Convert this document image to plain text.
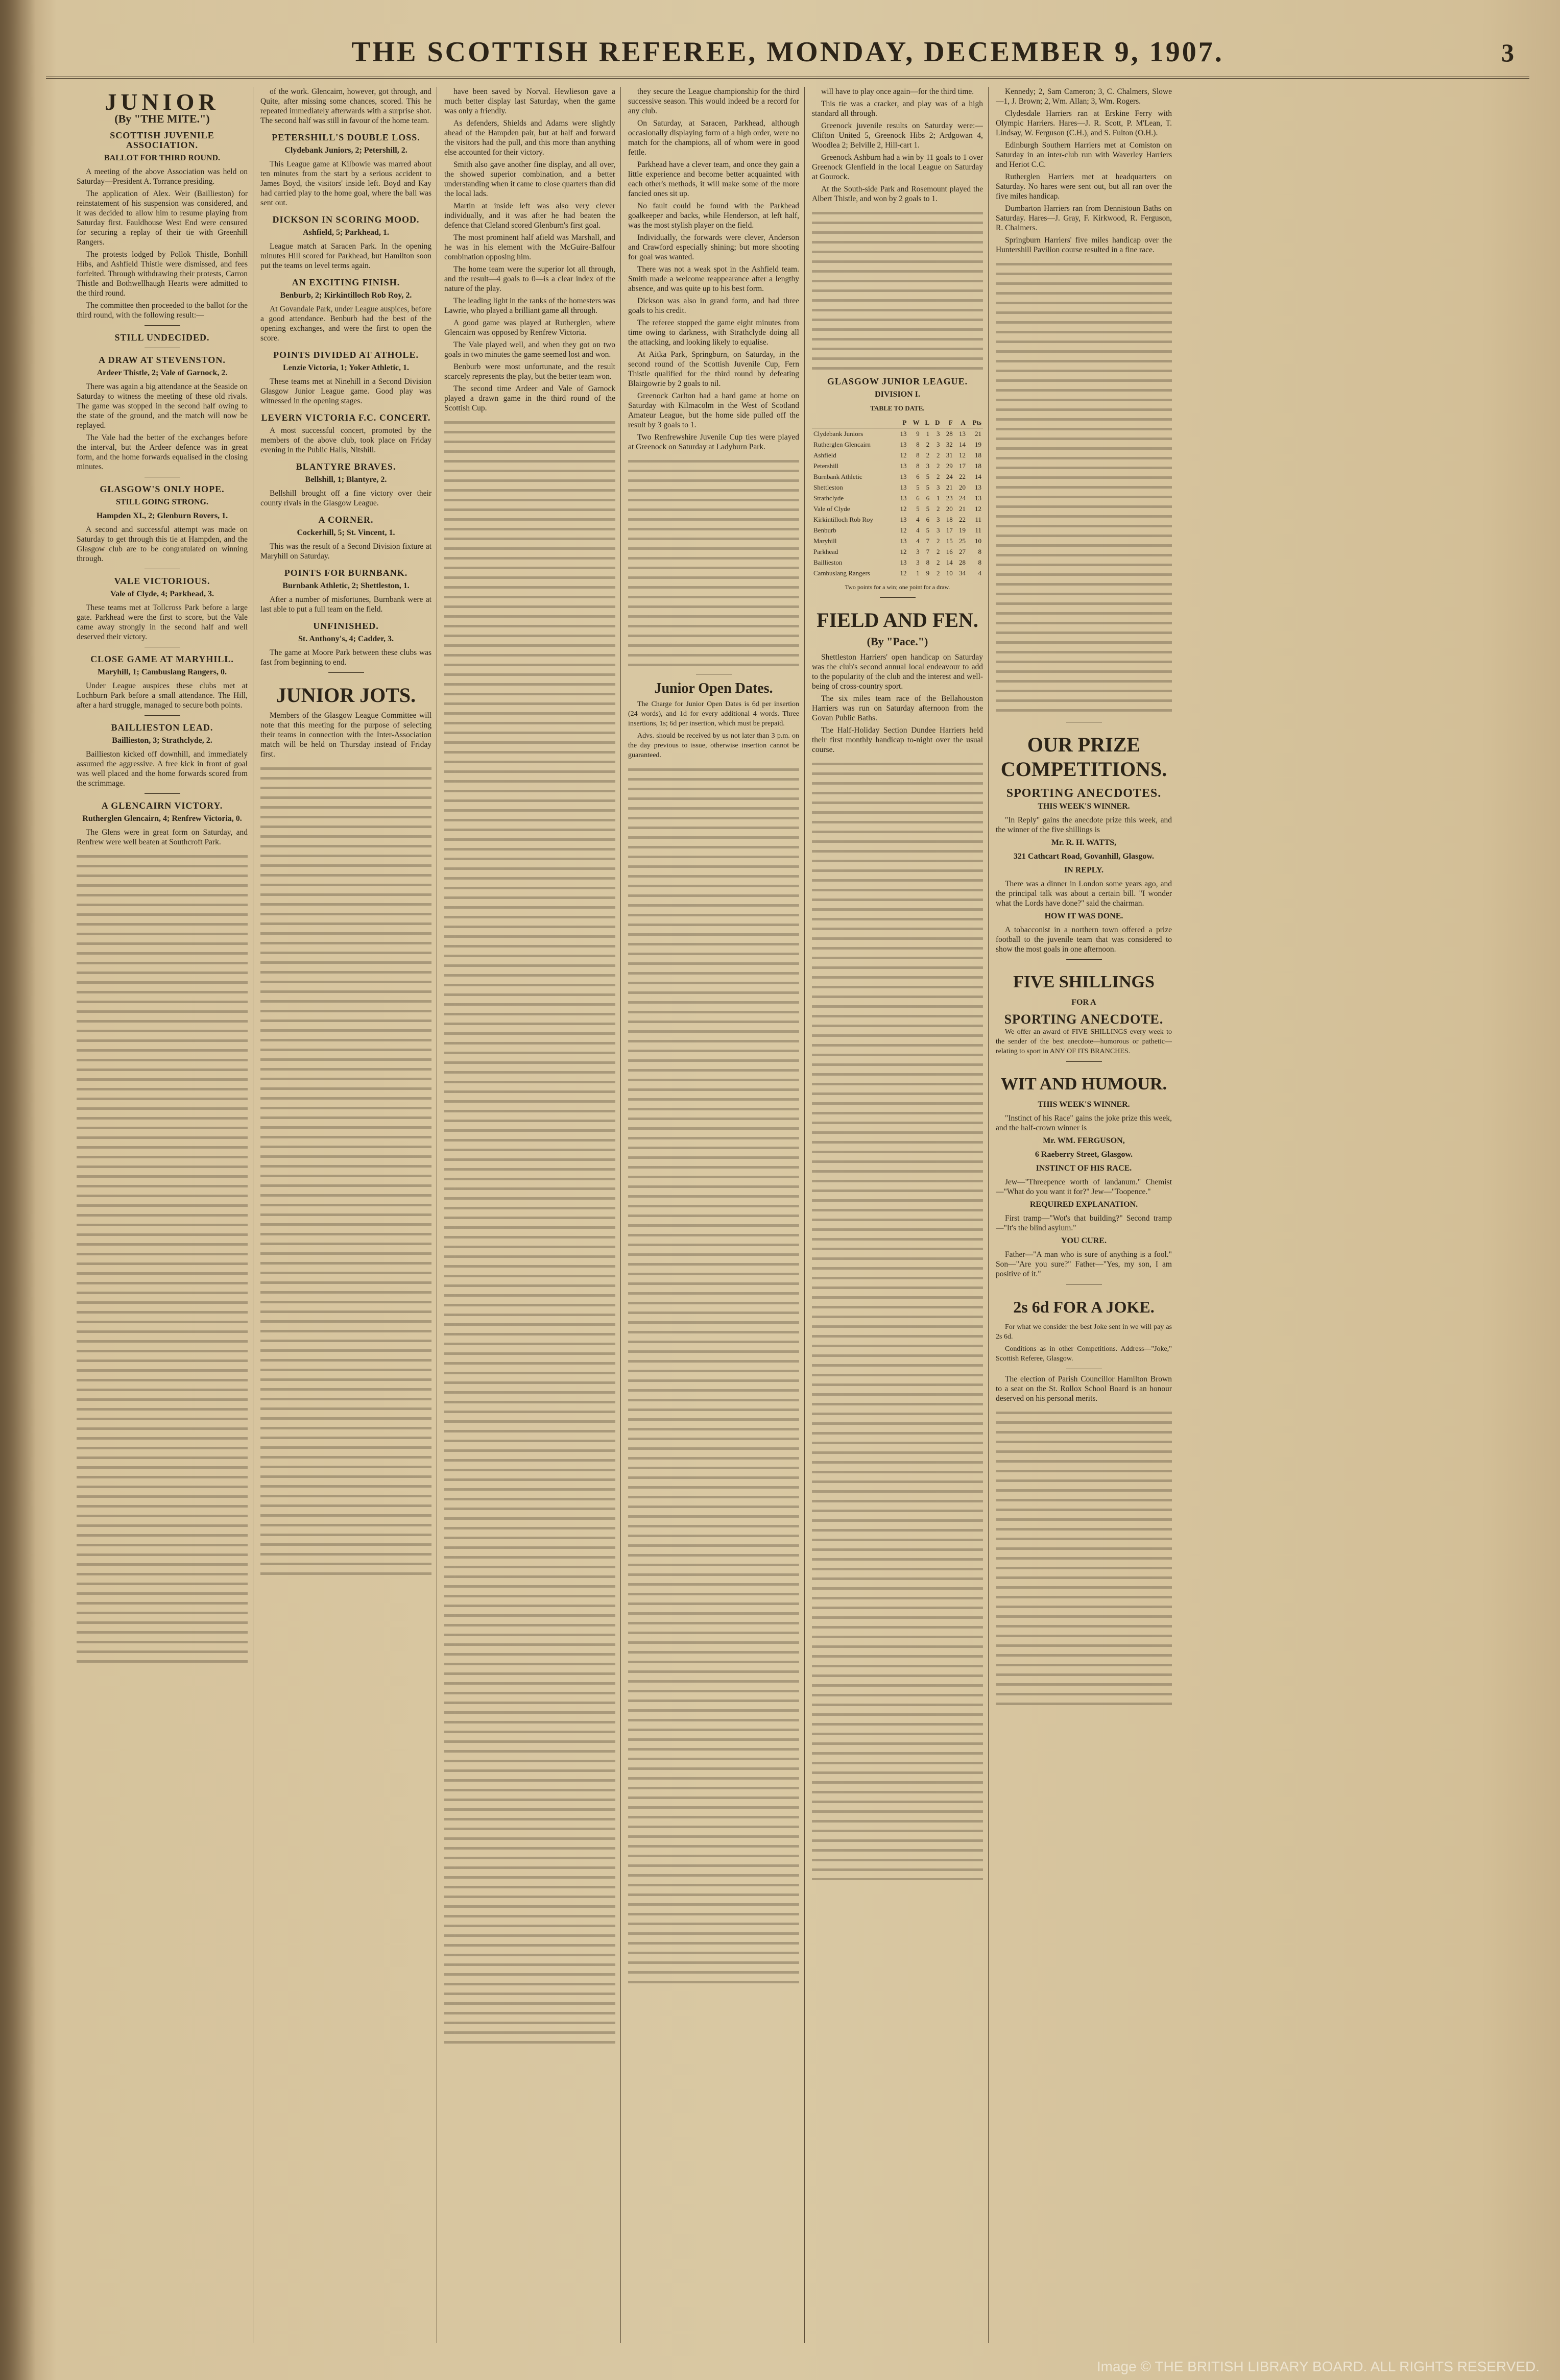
THE SCOTTISH REFEREE, MONDAY, DECEMBER 9, 1907.	3
JUNIOR
(By "THE MITE.")
SCOTTISH JUVENILE ASSOCIATION.
BALLOT FOR THIRD ROUND.

A meeting of the above Association was held on Saturday—President A. Torrance presiding.

The application of Alex. Weir (Baillieston) for reinstatement of his suspension was considered, and it was decided to allow him to resume playing from Saturday first. Fauldhouse West End were censured for securing a replay of their tie with Greenhill Rangers.

The protests lodged by Pollok Thistle, Bonhill Hibs, and Ashfield Thistle were dismissed, and fees forfeited. Through withdrawing their protests, Carron Thistle and Bothwellhaugh Hearts were admitted to the third round.

The committee then proceeded to the ballot for the third round, with the following result:—

STILL UNDECIDED.
A DRAW AT STEVENSTON.
Ardeer Thistle, 2; Vale of Garnock, 2.

There was again a big attendance at the Seaside on Saturday to witness the meeting of these old rivals. The game was stopped in the second half owing to the state of the ground, and the match will now be replayed.

The Vale had the better of the exchanges before the interval, but the Ardeer defence was in great form, and the home forwards equalised in the closing minutes.

GLASGOW'S ONLY HOPE.
STILL GOING STRONG.
Hampden XI., 2; Glenburn Rovers, 1.

A second and successful attempt was made on Saturday to get through this tie at Hampden, and the Glasgow club are to be congratulated on winning through.

VALE VICTORIOUS.
Vale of Clyde, 4; Parkhead, 3.

These teams met at Tollcross Park before a large gate. Parkhead were the first to score, but the Vale came away strongly in the second half and well deserved their victory.

CLOSE GAME AT MARYHILL.
Maryhill, 1; Cambuslang Rangers, 0.

Under League auspices these clubs met at Lochburn Park before a small attendance. The Hill, after a hard struggle, managed to secure both points.

BAILLIESTON LEAD.
Baillieston, 3; Strathclyde, 2.

Baillieston kicked off downhill, and immediately assumed the aggressive. A free kick in front of goal was well placed and the home forwards scored from the scrimmage.

A GLENCAIRN VICTORY.
Rutherglen Glencairn, 4; Renfrew Victoria, 0.

The Glens were in great form on Saturday, and Renfrew were well beaten at Southcroft Park.

of the work. Glencairn, however, got through, and Quite, after missing some chances, scored. This he repeated immediately afterwards with a surprise shot. The second half was still in favour of the home team.

PETERSHILL'S DOUBLE LOSS.
Clydebank Juniors, 2; Petershill, 2.

This League game at Kilbowie was marred about ten minutes from the start by a serious accident to James Boyd, the visitors' inside left. Boyd and Kay had carried play to the home goal, where the ball was sent out.

DICKSON IN SCORING MOOD.
Ashfield, 5; Parkhead, 1.

League match at Saracen Park. In the opening minutes Hill scored for Parkhead, but Hamilton soon put the teams on level terms again.

AN EXCITING FINISH.
Benburb, 2; Kirkintilloch Rob Roy, 2.

At Govandale Park, under League auspices, before a good attendance. Benburb had the best of the opening exchanges, and were the first to open the score.

POINTS DIVIDED AT ATHOLE.
Lenzie Victoria, 1; Yoker Athletic, 1.

These teams met at Ninehill in a Second Division Glasgow Junior League game. Good play was witnessed in the opening stages.

LEVERN VICTORIA F.C. CONCERT.

A most successful concert, promoted by the members of the above club, took place on Friday evening in the Public Halls, Nitshill.

BLANTYRE BRAVES.
Bellshill, 1; Blantyre, 2.

Bellshill brought off a fine victory over their county rivals in the Glasgow League.

A CORNER.
Cockerhill, 5; St. Vincent, 1.

This was the result of a Second Division fixture at Maryhill on Saturday.

POINTS FOR BURNBANK.
Burnbank Athletic, 2; Shettleston, 1.

After a number of misfortunes, Burnbank were at last able to put a full team on the field.

UNFINISHED.
St. Anthony's, 4; Cadder, 3.

The game at Moore Park between these clubs was fast from beginning to end.

JUNIOR JOTS.

Members of the Glasgow League Committee will note that this meeting for the purpose of selecting their teams in connection with the Inter-Association match will be held on Thursday instead of Friday first.

have been saved by Norval. Hewlieson gave a much better display last Saturday, when the game was only a friendly.

As defenders, Shields and Adams were slightly ahead of the Hampden pair, but at half and forward the visitors had the pull, and this more than anything else accounted for their victory.

Smith also gave another fine display, and all over, the showed superior combination, and a better understanding when it came to close quarters than did the local lads.

Martin at inside left was also very clever individually, and it was after he had beaten the defence that Cleland scored Glenburn's first goal.

The most prominent half afield was Marshall, and he was in his element with the McGuire-Balfour combination opposing him.

The home team were the superior lot all through, and the result—4 goals to 0—is a clear index of the nature of the play.

The leading light in the ranks of the homesters was Lawrie, who played a brilliant game all through.

A good game was played at Rutherglen, where Glencairn was opposed by Renfrew Victoria.

The Vale played well, and when they got on two goals in two minutes the game seemed lost and won.

Benburb were most unfortunate, and the result scarcely represents the play, but the better team won.

The second time Ardeer and Vale of Garnock played a drawn game in the third round of the Scottish Cup.

they secure the League championship for the third successive season. This would indeed be a record for any club.

On Saturday, at Saracen, Parkhead, although occasionally displaying form of a high order, were no match for the champions, all of whom were in good fettle.

Parkhead have a clever team, and once they gain a little experience and become better acquainted with each other's methods, it will make some of the more fancied ones sit up.

No fault could be found with the Parkhead goalkeeper and backs, while Henderson, at left half, was the most stylish player on the field.

Individually, the forwards were clever, Anderson and Crawford especially shining; but more shooting for goal was wanted.

There was not a weak spot in the Ashfield team. Smith made a welcome reappearance after a lengthy absence, and was quite up to his best form.

Dickson was also in grand form, and had three goals to his credit.

The referee stopped the game eight minutes from time owing to darkness, with Strathclyde doing all the attacking, and looking likely to equalise.

At Aitka Park, Springburn, on Saturday, in the second round of the Scottish Juvenile Cup, Fern Thistle qualified for the third round by defeating Blairgowrie by 2 goals to nil.

Greenock Carlton had a hard game at home on Saturday with Kilmacolm in the West of Scotland Amateur League, but the home side pulled off the result by 3 goals to 1.

Two Renfrewshire Juvenile Cup ties were played at Greenock on Saturday at Ladyburn Park.

Junior Open Dates.

The Charge for Junior Open Dates is 6d per insertion (24 words), and 1d for every additional 4 words. Three insertions, 1s; 6d per insertion, which must be prepaid.

Advs. should be received by us not later than 3 p.m. on the day previous to issue, otherwise insertion cannot be guaranteed.

will have to play once again—for the third time.

This tie was a cracker, and play was of a high standard all through.

Greenock juvenile results on Saturday were:—Clifton United 5, Greenock Hibs 2; Ardgowan 4, Woodlea 2; Belville 2, Hill-cart 1.

Greenock Ashburn had a win by 11 goals to 1 over Greenock Glenfield in the local League on Saturday at Gourock.

At the South-side Park and Rosemount played the Albert Thistle, and won by 2 goals to 1.

GLASGOW JUNIOR LEAGUE.
DIVISION I.
TABLE TO DATE.
	P	W	L	D	F	A	Pts
Clydebank Juniors	13	9	1	3	28	13	21
Rutherglen Glencairn	13	8	2	3	32	14	19
Ashfield	12	8	2	2	31	12	18
Petershill	13	8	3	2	29	17	18
Burnbank Athletic	13	6	5	2	24	22	14
Shettleston	13	5	5	3	21	20	13
Strathclyde	13	6	6	1	23	24	13
Vale of Clyde	12	5	5	2	20	21	12
Kirkintilloch Rob Roy	13	4	6	3	18	22	11
Benburb	12	4	5	3	17	19	11
Maryhill	13	4	7	2	15	25	10
Parkhead	12	3	7	2	16	27	8
Baillieston	13	3	8	2	14	28	8
Cambuslang Rangers	12	1	9	2	10	34	4

Two points for a win; one point for a draw.

FIELD AND FEN.
(By "Pace.")

Shettleston Harriers' open handicap on Saturday was the club's second annual local endeavour to add to the popularity of the club and the interest and well-being of cross-country sport.

The six miles team race of the Bellahouston Harriers was run on Saturday afternoon from the Govan Public Baths.

The Half-Holiday Section Dundee Harriers held their first monthly handicap to-night over the usual course.

Kennedy; 2, Sam Cameron; 3, C. Chalmers, Slowe—1, J. Brown; 2, Wm. Allan; 3, Wm. Rogers.

Clydesdale Harriers ran at Erskine Ferry with Olympic Harriers. Hares—J. R. Scott, P. M'Lean, T. Lindsay, W. Ferguson (C.H.), and S. Fulton (O.H.).

Edinburgh Southern Harriers met at Comiston on Saturday in an inter-club run with Waverley Harriers and Heriot C.C.

Rutherglen Harriers met at headquarters on Saturday. No hares were sent out, but all ran over the five miles handicap.

Dumbarton Harriers ran from Dennistoun Baths on Saturday. Hares—J. Gray, F. Kirkwood, R. Ferguson, R. Chalmers.

Springburn Harriers' five miles handicap over the Huntershill Pavilion course resulted in a fine race.

OUR PRIZE COMPETITIONS.
SPORTING ANECDOTES.
THIS WEEK'S WINNER.

"In Reply" gains the anecdote prize this week, and the winner of the five shillings is

Mr. R. H. WATTS,
321 Cathcart Road, Govanhill, Glasgow.
IN REPLY.

There was a dinner in London some years ago, and the principal talk was about a certain bill. "I wonder what the Lords have done?" said the chairman.

HOW IT WAS DONE.

A tobacconist in a northern town offered a prize football to the juvenile team that was considered to show the most goals in one afternoon.

FIVE SHILLINGS
FOR A
SPORTING ANECDOTE.

We offer an award of FIVE SHILLINGS every week to the sender of the best anecdote—humorous or pathetic—relating to sport in ANY OF ITS BRANCHES.

WIT AND HUMOUR.
THIS WEEK'S WINNER.

"Instinct of his Race" gains the joke prize this week, and the half-crown winner is

Mr. WM. FERGUSON,
6 Raeberry Street, Glasgow.
INSTINCT OF HIS RACE.

Jew—"Threepence worth of landanum." Chemist—"What do you want it for?" Jew—"Toopence."

REQUIRED EXPLANATION.

First tramp—"Wot's that building?" Second tramp—"It's the blind asylum."

YOU CURE.

Father—"A man who is sure of anything is a fool." Son—"Are you sure?" Father—"Yes, my son, I am positive of it."

2s 6d FOR A JOKE.

For what we consider the best Joke sent in we will pay as 2s 6d.

Conditions as in other Competitions. Address—"Joke," Scottish Referee, Glasgow.

The election of Parish Councillor Hamilton Brown to a seat on the St. Rollox School Board is an honour deserved on his personal merits.

Image © THE BRITISH LIBRARY BOARD. ALL RIGHTS RESERVED.
